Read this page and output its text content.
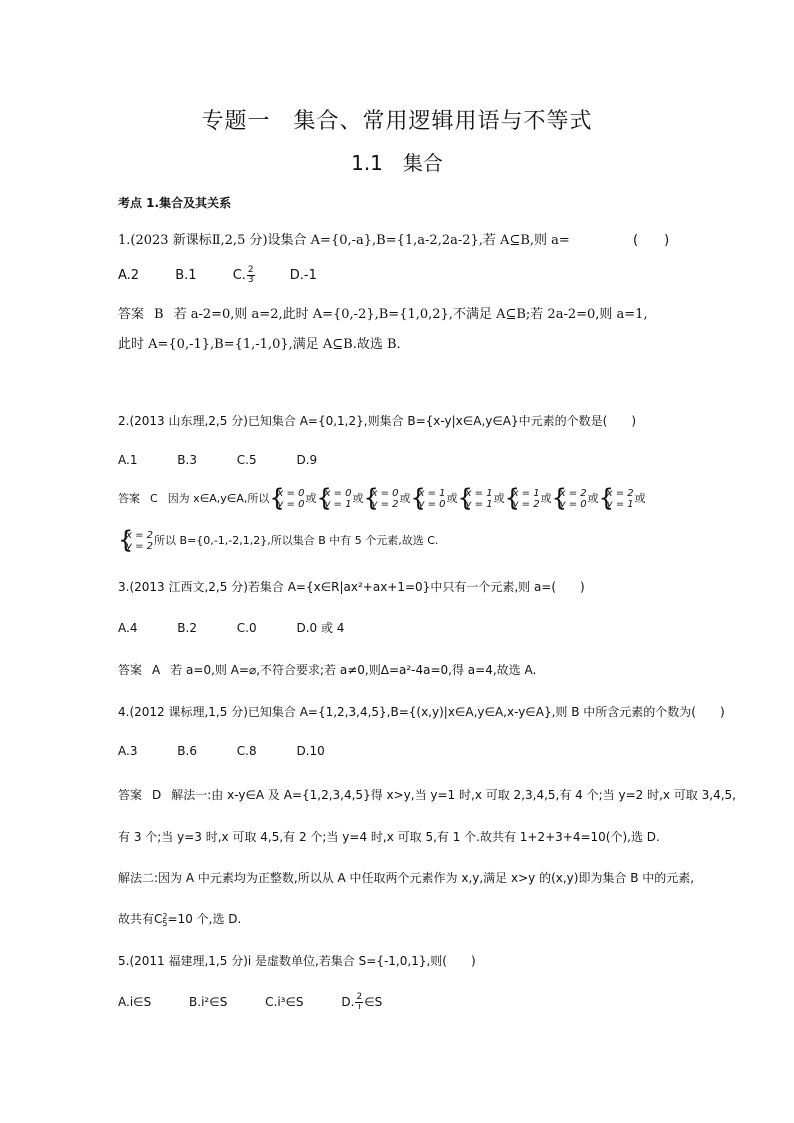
专题一　集合、常用逻辑用语与不等式
1.1　集合
考点 1.集合及其关系
1.(2023 新课标Ⅱ,2,5 分)设集合 A={0,-a},B={1,a-2,2a-2},若 A⊆B,则 a=	(　　)
A.2	B.1	C. $\frac{2}{3}$	D.-1
答案 B 若 a-2=0,则 a=2,此时 A={0,-2},B={1,0,2},不满足 A⊆B;若 2a-2=0,则 a=1,
此时 A={0,-1},B={1,-1,0},满足 A⊆B.故选 B.
2.(2013 山东理,2,5 分)已知集合 A={0,1,2},则集合 B={x-y|x∈A,y∈A}中元素的个数是(　　)
A.1	B.3	C.5	D.9
答案 C 因为 x∈A,y∈A,所以 { x = 0
y = 0 或 { x = 0
y = 1 或 { x = 0
y = 2 或 { x = 1
y = 0 或 { x = 1
y = 1 或 { x = 1
y = 2 或 { x = 2
y = 0 或 { x = 2
y = 1 或
{ x = 2
y = 2 所以 B={0,-1,-2,1,2},所以集合 B 中有 5 个元素,故选 C.
3.(2013 江西文,2,5 分)若集合 A={x∈R|ax²+ax+1=0}中只有一个元素,则 a=(　　)
A.4	B.2	C.0	D.0 或 4
答案 A 若 a=0,则 A=⌀,不符合要求;若 a≠0,则Δ=a²-4a=0,得 a=4,故选 A.
4.(2012 课标理,1,5 分)已知集合 A={1,2,3,4,5},B={(x,y)|x∈A,y∈A,x-y∈A},则 B 中所含元素的个数为(　　)
A.3	B.6	C.8	D.10
答案 D 解法一:由 x-y∈A 及 A={1,2,3,4,5}得 x>y,当 y=1 时,x 可取 2,3,4,5,有 4 个;当 y=2 时,x 可取 3,4,5,
有 3 个;当 y=3 时,x 可取 4,5,有 2 个;当 y=4 时,x 可取 5,有 1 个.故共有 1+2+3+4=10(个),选 D.
解法二:因为 A 中元素均为正整数,所以从 A 中任取两个元素作为 x,y,满足 x>y 的(x,y)即为集合 B 中的元素,
故共有C 2
5 =10 个,选 D.
5.(2011 福建理,1,5 分)i 是虚数单位,若集合 S={-1,0,1},则(　　)
A.i∈S	B.i²∈S	C.i³∈S	D. $\frac{2}{i}$ ∈S
